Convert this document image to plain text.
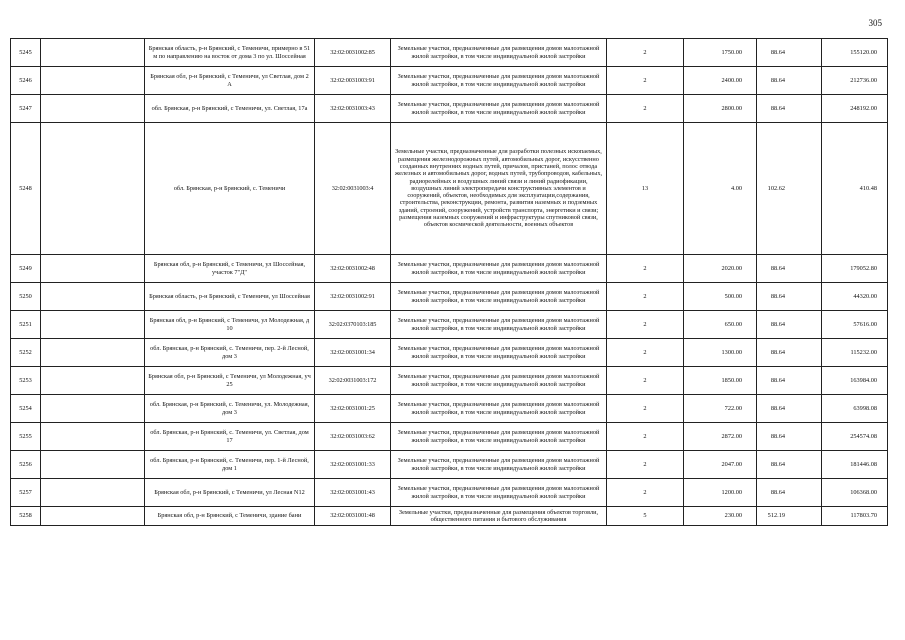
305
5245		Брянская область, р-н Брянский, с Теменичи, примерно в 51 м по направлению на восток от дома 3 по ул. Шоссейная	32:02:0031002:85	Земельные участки, предназначенные для размещения домов малоэтажной жилой застройки, в том числе индивидуальной жилой застройки	2	1750.00	88.64	155120.00
5246		Брянская обл, р-н Брянский, с Теменичи, ул Светлая, дом 2 А	32:02:0031003:91	Земельные участки, предназначенные для размещения домов малоэтажной жилой застройки, в том числе индивидуальной жилой застройки	2	2400.00	88.64	212736.00
5247		обл. Брянская, р-н Брянский, с Теменичи, ул. Светлая, 17а	32:02:0031003:43	Земельные участки, предназначенные для размещения домов малоэтажной жилой застройки, в том числе индивидуальной жилой застройки	2	2800.00	88.64	248192.00
5248		обл. Брянская, р-н Брянский, с. Теменичи	32:02:0031003:4	Земельные участки, предназначенные для разработки полезных ископаемых, размещения железнодорожных путей, автомобильных дорог, искусственно созданных внутренних водных путей, причалов, пристаней, полос отвода железных и автомобильных дорог, водных путей, трубопроводов, кабельных, радиорелейных и воздушных линий связи и линий радиофикации, воздушных линий электропередачи конструктивных элементов и сооружений, объектов, необходимых для эксплуатации,содержания, строительства, реконструкции, ремонта, развития наземных и подземных зданий, строений, сооружений, устройств транспорта, энергетики и связи; размещения наземных сооружений и инфраструктуры спутниковой связи, объектов космической деятельности, военных объектов	13	4.00	102.62	410.48
5249		Брянская обл, р-н Брянский, с Теменичи, ул Шоссейная, участок 7"Д"	32:02:0031002:48	Земельные участки, предназначенные для размещения домов малоэтажной жилой застройки, в том числе индивидуальной жилой застройки	2	2020.00	88.64	179052.80
5250		Брянская область, р-н Брянский, с Теменичи, ул Шоссейная	32:02:0031002:91	Земельные участки, предназначенные для размещения домов малоэтажной жилой застройки, в том числе индивидуальной жилой застройки	2	500.00	88.64	44320.00
5251		Брянская обл, р-н Брянский, с Теменичи, ул Молодежная, д 10	32:02:0370103:185	Земельные участки, предназначенные для размещения домов малоэтажной жилой застройки, в том числе индивидуальной жилой застройки	2	650.00	88.64	57616.00
5252		обл. Брянская, р-н Брянский, с. Теменичи, пер. 2-й Лесной, дом 3	32:02:0031001:34	Земельные участки, предназначенные для размещения домов малоэтажной жилой застройки, в том числе индивидуальной жилой застройки	2	1300.00	88.64	115232.00
5253		Брянская обл, р-н Брянский, с Теменичи, ул Молодежная, уч 25	32:02:0031003:172	Земельные участки, предназначенные для размещения домов малоэтажной жилой застройки, в том числе индивидуальной жилой застройки	2	1850.00	88.64	163984.00
5254		обл. Брянская, р-н Брянский, с. Теменичи, ул. Молодежная, дом 3	32:02:0031001:25	Земельные участки, предназначенные для размещения домов малоэтажной жилой застройки, в том числе индивидуальной жилой застройки	2	722.00	88.64	63998.08
5255		обл. Брянская, р-н Брянский, с. Теменичи, ул. Светлая, дом 17	32:02:0031003:62	Земельные участки, предназначенные для размещения домов малоэтажной жилой застройки, в том числе индивидуальной жилой застройки	2	2872.00	88.64	254574.08
5256		обл. Брянская, р-н Брянский, с. Теменичи, пер. 1-й Лесной, дом 1	32:02:0031001:33	Земельные участки, предназначенные для размещения домов малоэтажной жилой застройки, в том числе индивидуальной жилой застройки	2	2047.00	88.64	181446.08
5257		Брянская обл, р-н Брянский, с Теменичи, ул Лесная N12	32:02:0031001:43	Земельные участки, предназначенные для размещения домов малоэтажной жилой застройки, в том числе индивидуальной жилой застройки	2	1200.00	88.64	106368.00
5258		Брянская обл, р-н Брянский, с Теменичи, здание бани	32:02:0031001:48	Земельные участки, предназначенные для размещения объектов торговли, общественного питания и бытового обслуживания	5	230.00	512.19	117803.70
